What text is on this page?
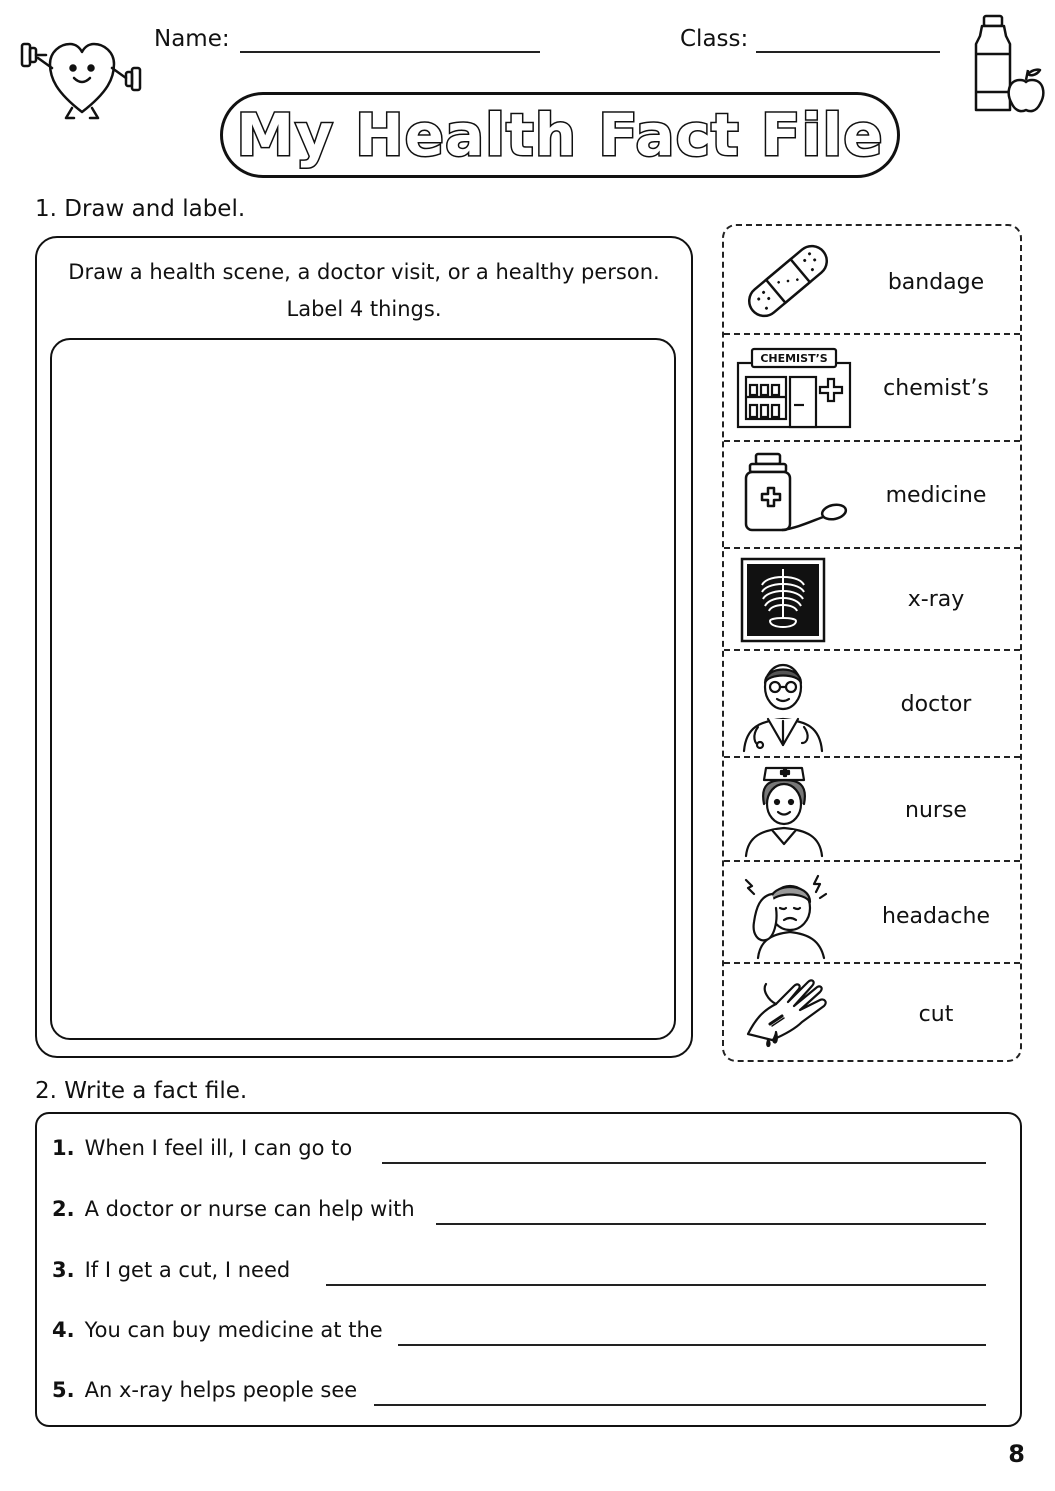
Name:	Class:
My Health Fact File
1. Draw and label.
Draw a health scene, a doctor visit, or a healthy person.
Label 4 things.
bandage
CHEMIST’S
chemist’s
medicine
x-ray
doctor
nurse
headache
cut
2. Write a fact file.
1. When I feel ill, I can go to
2. A doctor or nurse can help with
3. If I get a cut, I need
4. You can buy medicine at the
5. An x-ray helps people see
8
